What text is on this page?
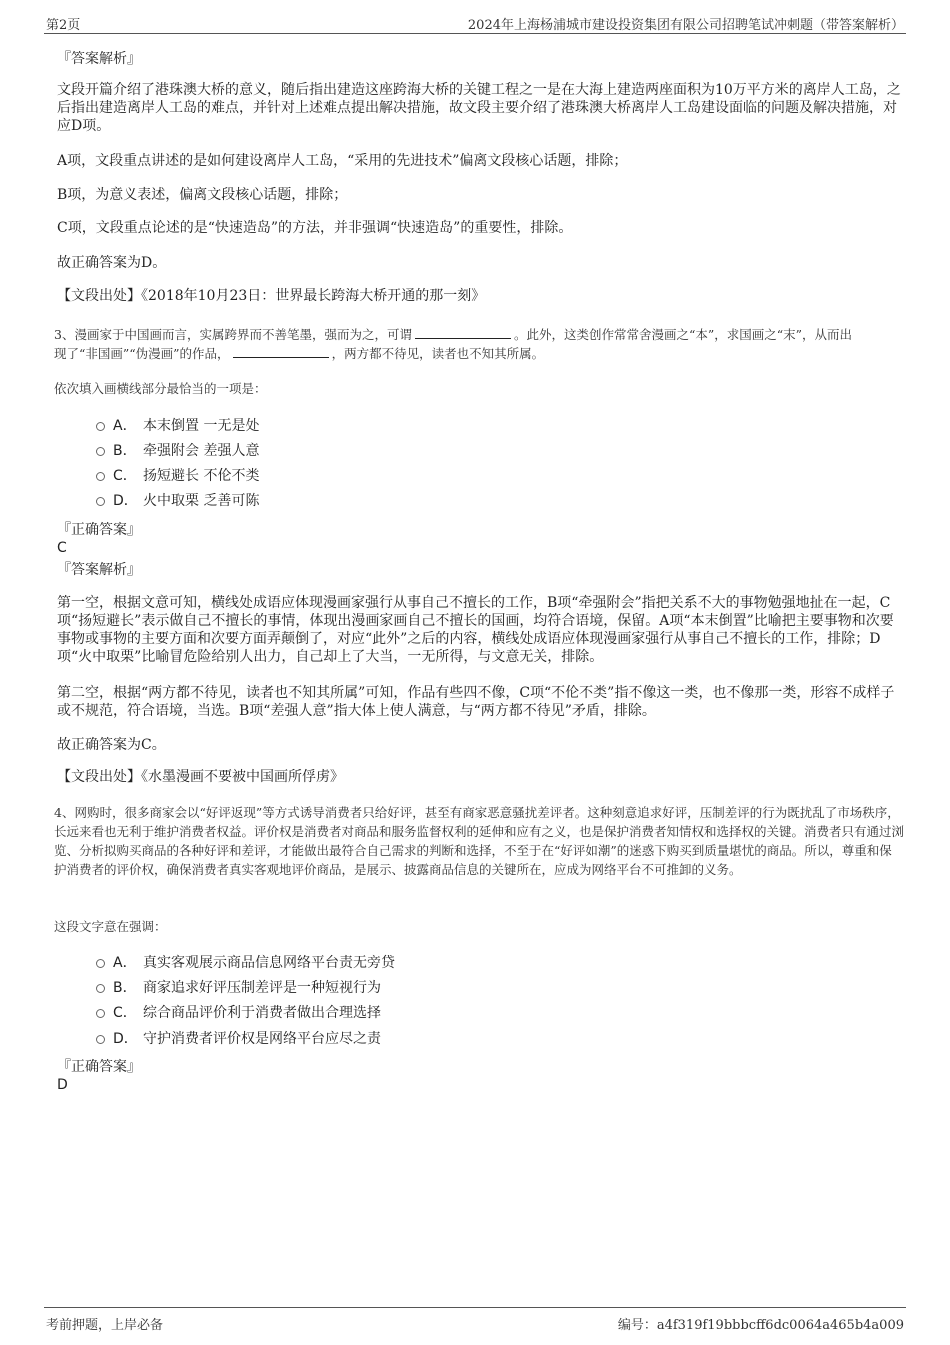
第2页	2024年上海杨浦城市建设投资集团有限公司招聘笔试冲刺题（带答案解析）
『答案解析』

文段开篇介绍了港珠澳大桥的意义，随后指出建造这座跨海大桥的关键工程之一是在大海上建造两座面积为10万平方米的离岸人工岛，之后指出建造离岸人工岛的难点，并针对上述难点提出解决措施，故文段主要介绍了港珠澳大桥离岸人工岛建设面临的问题及解决措施，对应D项。

A项，文段重点讲述的是如何建设离岸人工岛，“采用的先进技术”偏离文段核心话题，排除；

B项，为意义表述，偏离文段核心话题，排除；

C项，文段重点论述的是“快速造岛”的方法，并非强调“快速造岛”的重要性，排除。

故正确答案为D。

【文段出处】《2018年10月23日：世界最长跨海大桥开通的那一刻》

3、漫画家于中国画而言，实属跨界而不善笔墨，强而为之，可谓	。此外，这类创作常常舍漫画之“本”，求国画之“末”，从而出
现了“非国画”“伪漫画”的作品，	，两方都不待见，读者也不知其所属。
依次填入画横线部分最恰当的一项是：
A． 本末倒置 一无是处
B． 牵强附会 差强人意
C． 扬短避长 不伦不类
D． 火中取栗 乏善可陈
『正确答案』
C
『答案解析』

第一空，根据文意可知，横线处成语应体现漫画家强行从事自己不擅长的工作，B项“牵强附会”指把关系不大的事物勉强地扯在一起，C项“扬短避长”表示做自己不擅长的事情，体现出漫画家画自己不擅长的国画，均符合语境，保留。A项“本末倒置”比喻把主要事物和次要事物或事物的主要方面和次要方面弄颠倒了，对应“此外”之后的内容，横线处成语应体现漫画家强行从事自己不擅长的工作，排除；D项“火中取栗”比喻冒危险给别人出力，自己却上了大当，一无所得，与文意无关，排除。

第二空，根据“两方都不待见，读者也不知其所属”可知，作品有些四不像，C项“不伦不类”指不像这一类，也不像那一类，形容不成样子或不规范，符合语境，当选。B项“差强人意”指大体上使人满意，与“两方都不待见”矛盾，排除。

故正确答案为C。

【文段出处】《水墨漫画不要被中国画所俘虏》

4、网购时，很多商家会以“好评返现”等方式诱导消费者只给好评，甚至有商家恶意骚扰差评者。这种刻意追求好评，压制差评的行为既扰乱了市场秩序，长远来看也无利于维护消费者权益。评价权是消费者对商品和服务监督权利的延伸和应有之义，也是保护消费者知情权和选择权的关键。消费者只有通过浏览、分析拟购买商品的各种好评和差评，才能做出最符合自己需求的判断和选择，不至于在“好评如潮”的迷惑下购买到质量堪忧的商品。所以，尊重和保护消费者的评价权，确保消费者真实客观地评价商品，是展示、披露商品信息的关键所在，应成为网络平台不可推卸的义务。

这段文字意在强调：
A． 真实客观展示商品信息网络平台责无旁贷
B． 商家追求好评压制差评是一种短视行为
C． 综合商品评价利于消费者做出合理选择
D． 守护消费者评价权是网络平台应尽之责
『正确答案』
D
考前押题，上岸必备	编号：a4f319f19bbbcff6dc0064a465b4a009
